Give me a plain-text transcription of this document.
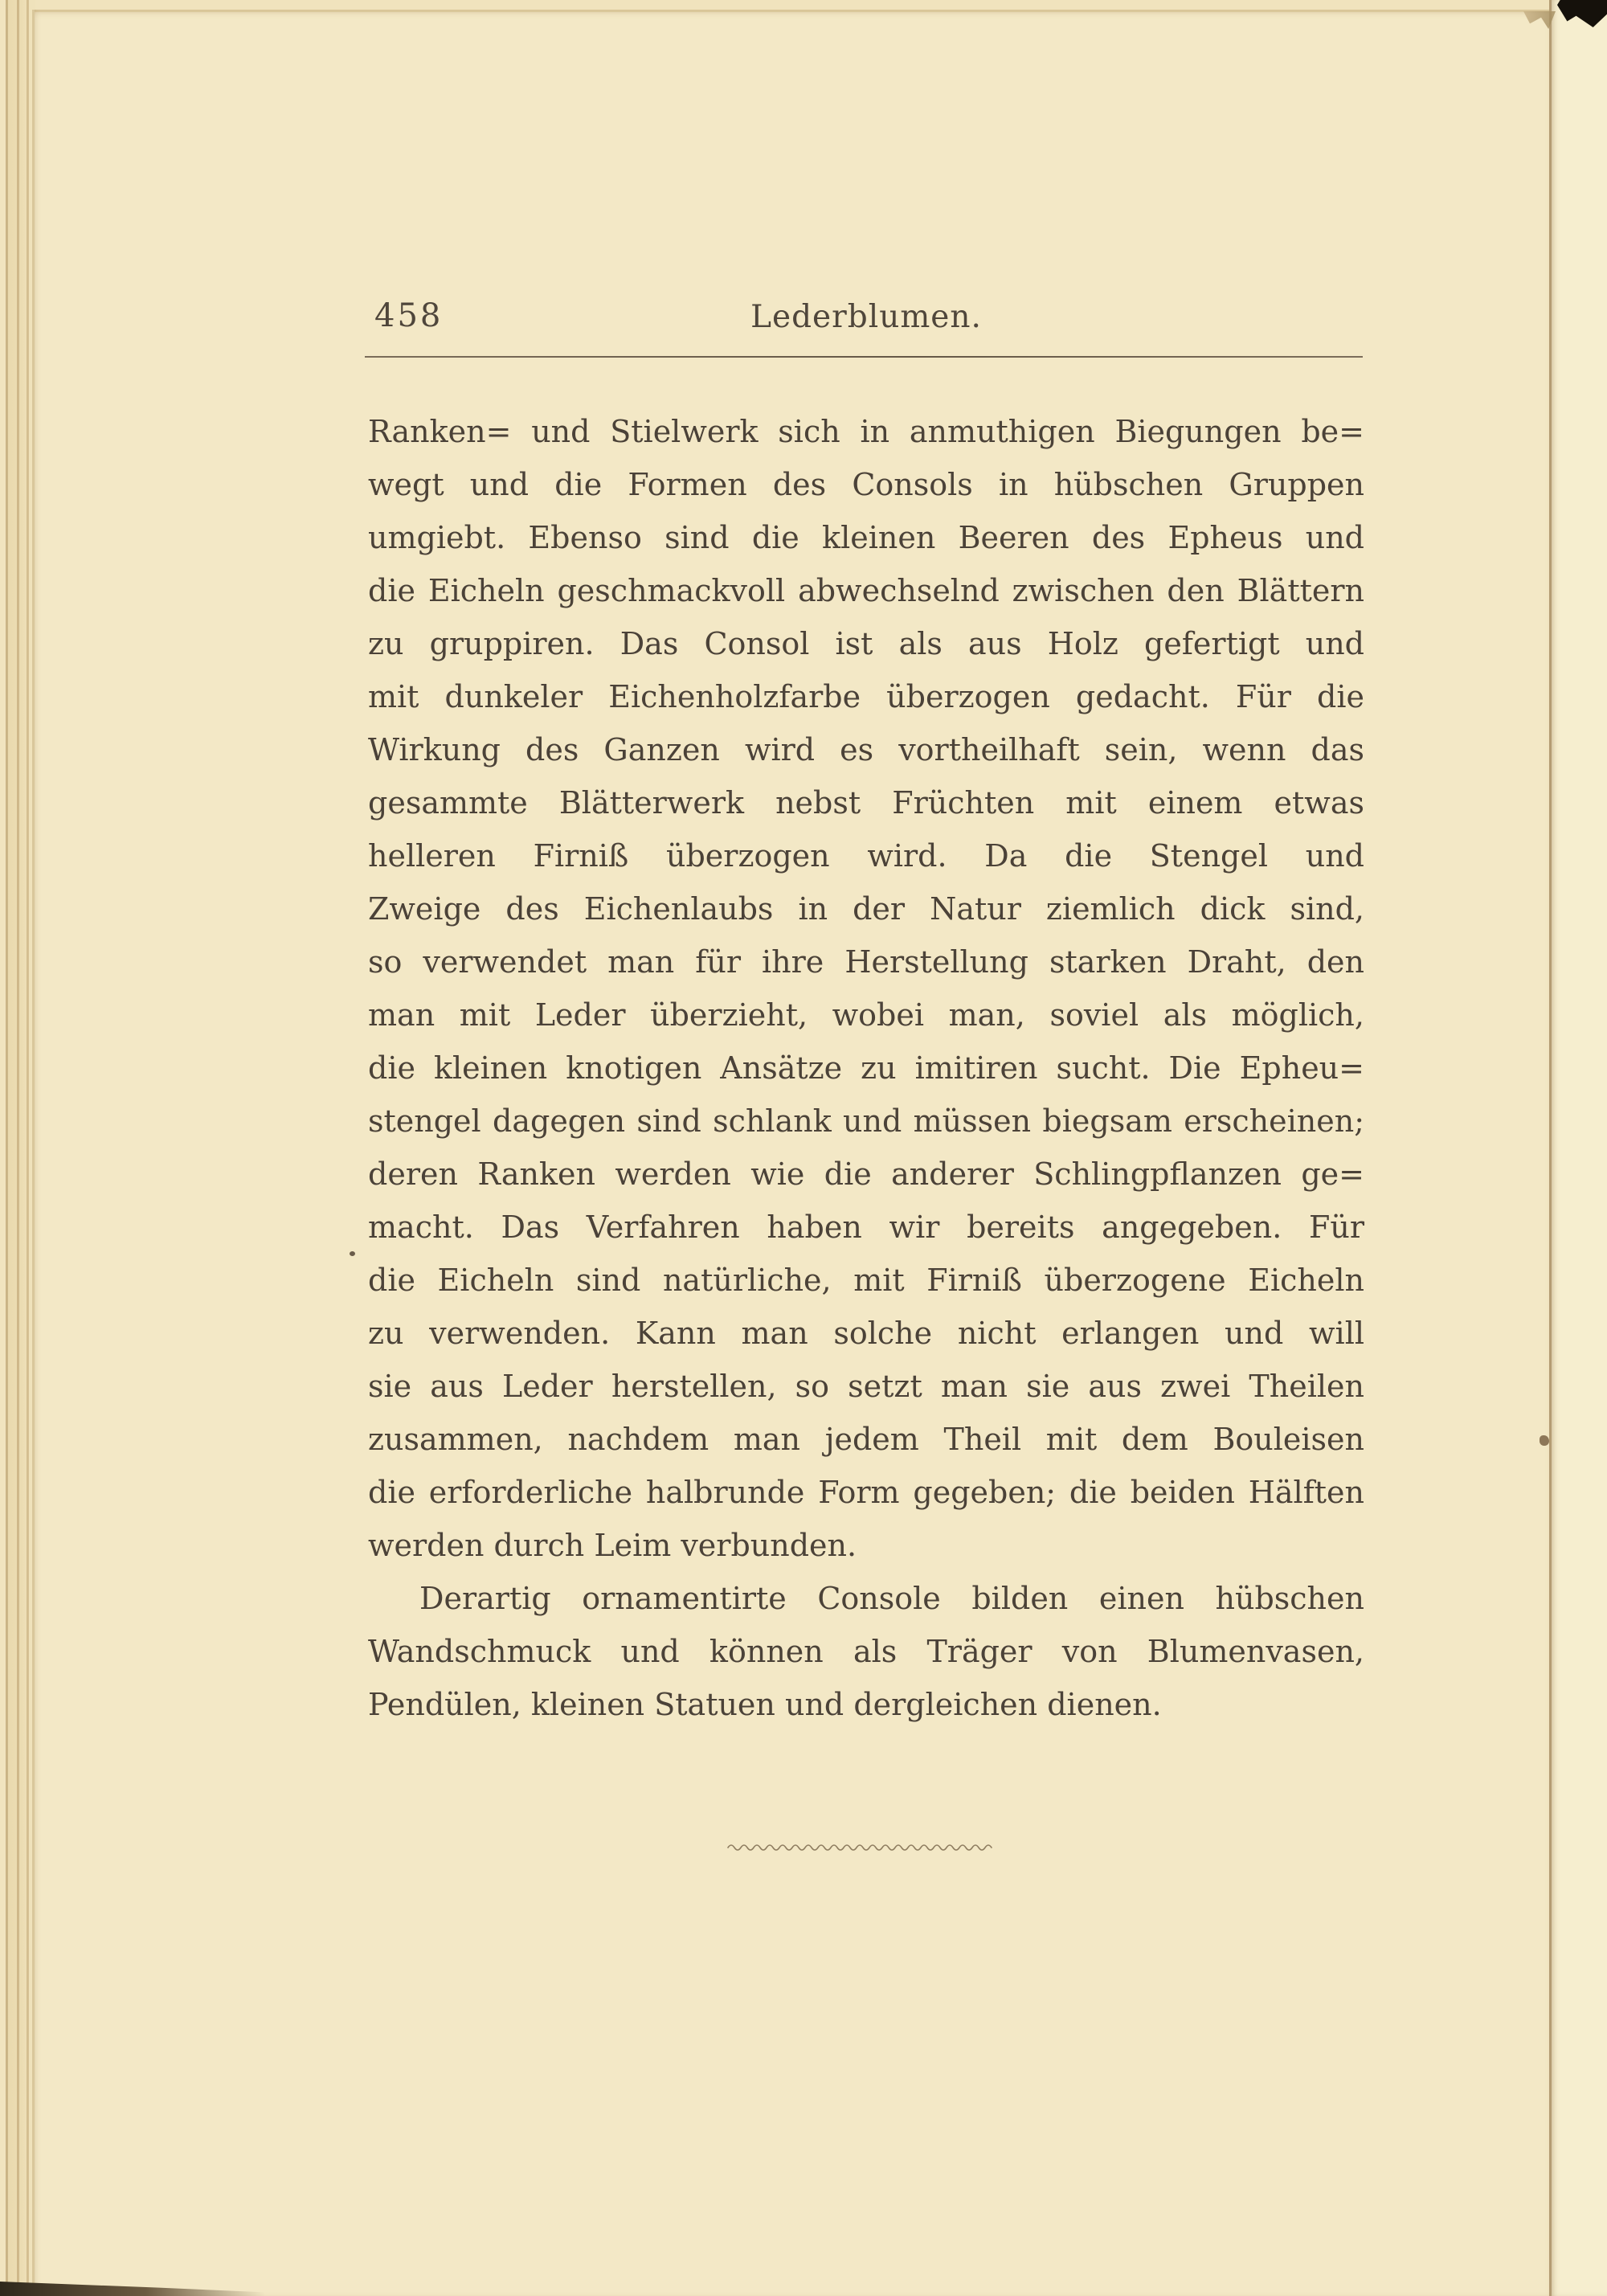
458	Lederblumen.
Ranken= und Stielwerk sich in anmuthigen Biegungen be=
wegt und die Formen des Consols in hübschen Gruppen
umgiebt. Ebenso sind die kleinen Beeren des Epheus und
die Eicheln geschmackvoll abwechselnd zwischen den Blättern
zu gruppiren. Das Consol ist als aus Holz gefertigt und
mit dunkeler Eichenholzfarbe überzogen gedacht. Für die
Wirkung des Ganzen wird es vortheilhaft sein, wenn das
gesammte Blätterwerk nebst Früchten mit einem etwas
helleren Firniß überzogen wird. Da die Stengel und
Zweige des Eichenlaubs in der Natur ziemlich dick sind,
so verwendet man für ihre Herstellung starken Draht, den
man mit Leder überzieht, wobei man, soviel als möglich,
die kleinen knotigen Ansätze zu imitiren sucht. Die Epheu=
stengel dagegen sind schlank und müssen biegsam erscheinen;
deren Ranken werden wie die anderer Schlingpflanzen ge=
macht. Das Verfahren haben wir bereits angegeben. Für
die Eicheln sind natürliche, mit Firniß überzogene Eicheln
zu verwenden. Kann man solche nicht erlangen und will
sie aus Leder herstellen, so setzt man sie aus zwei Theilen
zusammen, nachdem man jedem Theil mit dem Bouleisen
die erforderliche halbrunde Form gegeben; die beiden Hälften
werden durch Leim verbunden.
Derartig ornamentirte Console bilden einen hübschen
Wandschmuck und können als Träger von Blumenvasen,
Pendülen, kleinen Statuen und dergleichen dienen.
